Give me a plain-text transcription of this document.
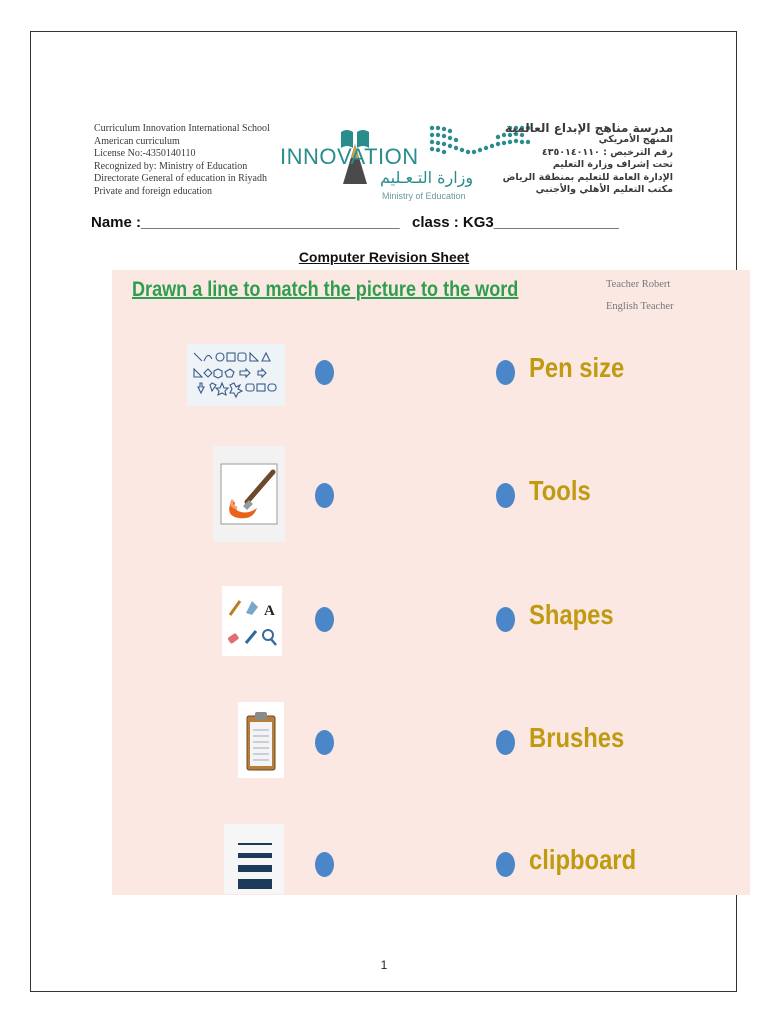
Curriculum Innovation International School
American curriculum
License No:-4350140110
Recognized by: Ministry of Education
Directorate General of education in Riyadh
Private and foreign education
INNOVATION
وزارة التـعـليم
Ministry of Education
مدرسة مناهج الإبداع العالمية
المنهج الأمريكي
رقم الترخيص : ٤٣٥٠١٤٠١١٠
تحت إشراف وزارة التعليم
الإدارة العامة للتعليم بمنطقة الرياض
مكتب التعليم الأهلي والأجنبي
Name :_______________________________ class : KG3_______________
Computer Revision Sheet
Drawn a line to match the picture to the word	Teacher Robert
English Teacher
A
Pen size
Tools
Shapes
Brushes
clipboard
1
